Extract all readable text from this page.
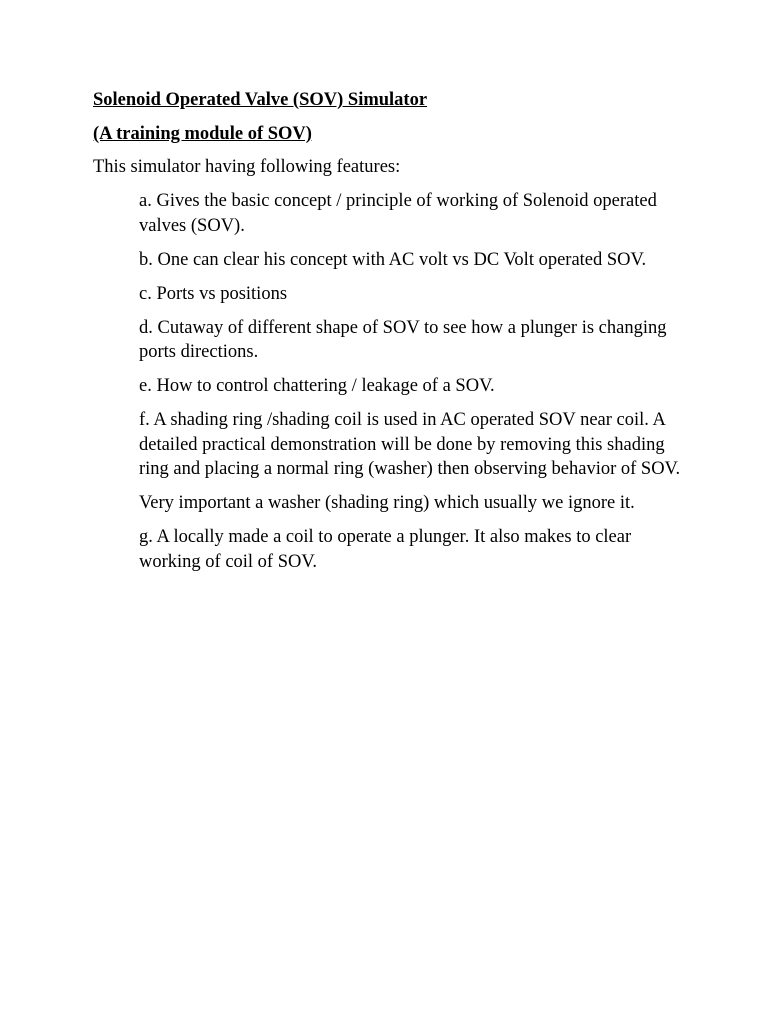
Solenoid Operated Valve (SOV) Simulator
(A training module of SOV)
This simulator having following features:

a. Gives the basic concept / principle of working of Solenoid operated valves (SOV).

b. One can clear his concept with AC volt vs DC Volt operated SOV.

c. Ports vs positions

d. Cutaway of different shape of SOV to see how a plunger is changing ports directions.

e. How to control chattering / leakage of a SOV.

f. A shading ring /shading coil is used in AC operated SOV near coil. A detailed practical demonstration will be done by removing this shading ring and placing a normal ring (washer) then observing behavior of SOV.

Very important a washer (shading ring) which usually we ignore it.

g. A locally made a coil to operate a plunger. It also makes to clear working of coil of SOV.
